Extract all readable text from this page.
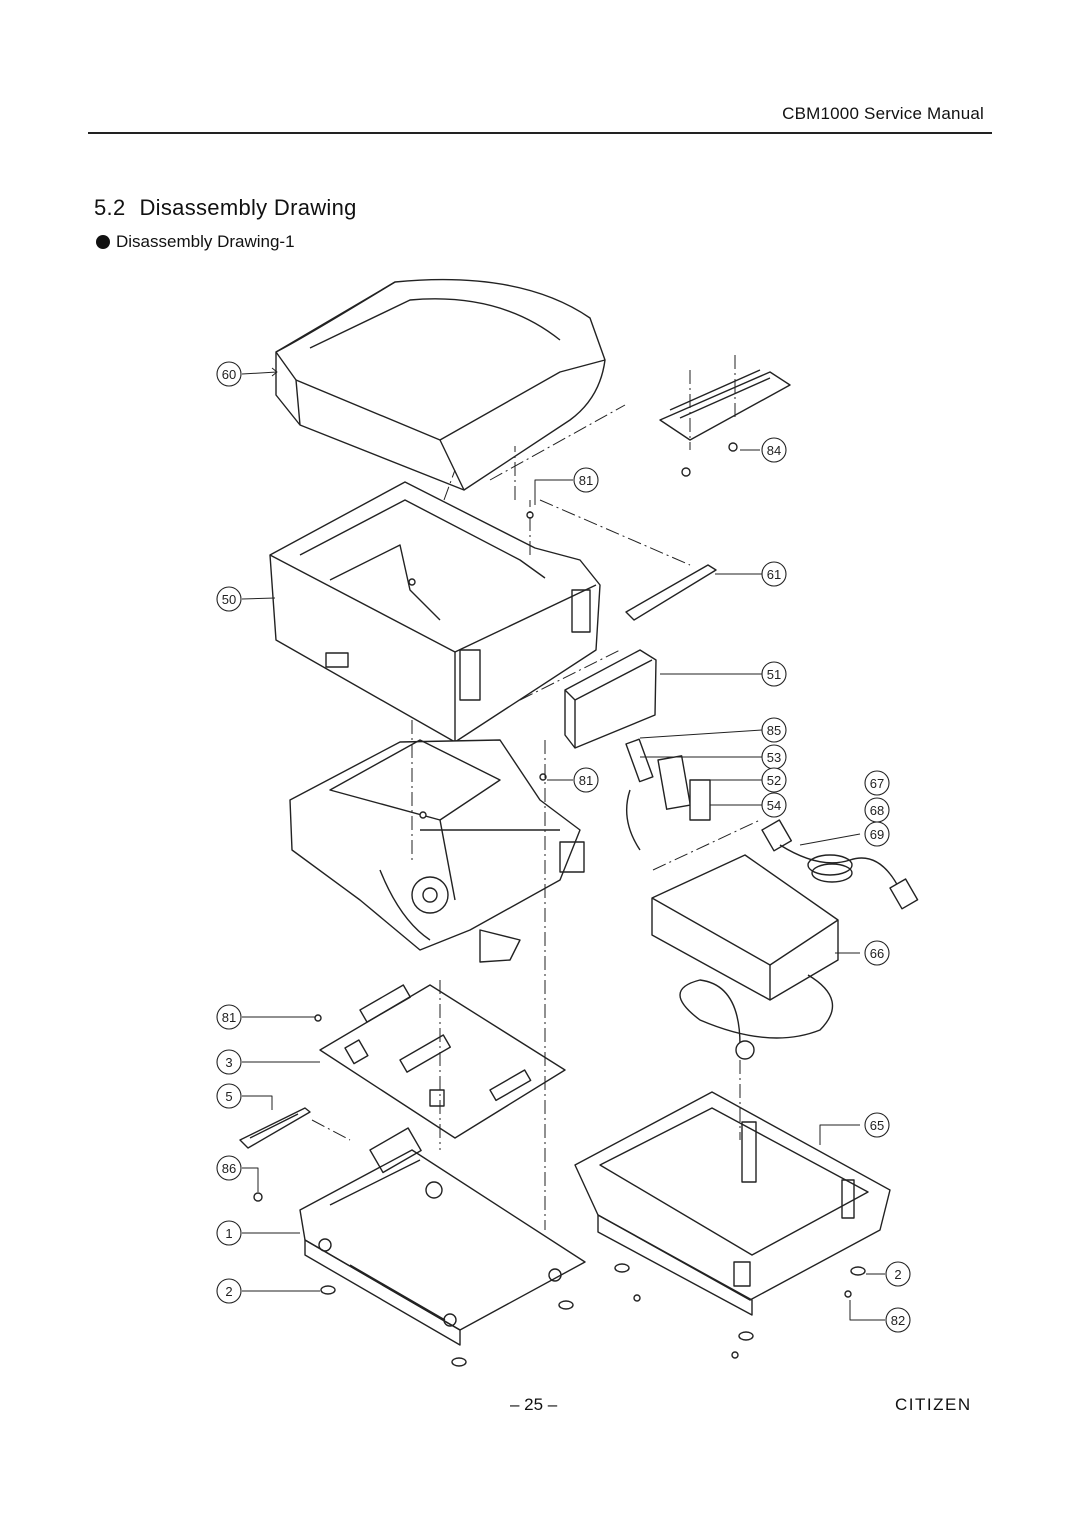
CBM1000 Service Manual
5.2 Disassembly Drawing
Disassembly Drawing-1
60
84
81
50
61
51
85
53
81	52
54
67
68
69
66
81
3
5
65
86
1
2
2
82
– 25 –	CITIZEN
